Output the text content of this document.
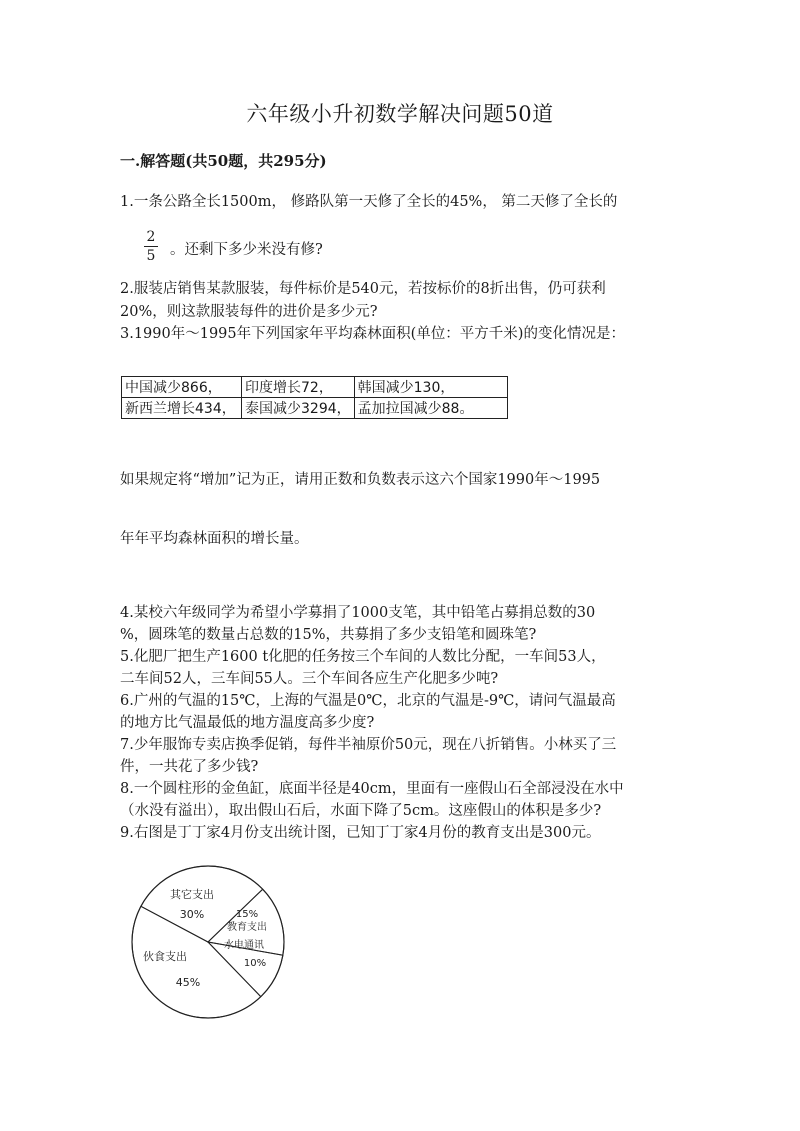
六年级小升初数学解决问题50道
一.解答题(共50题，共295分)
1.一条公路全长1500m， 修路队第一天修了全长的45%， 第二天修了全长的
2
5 。还剩下多少米没有修?
2.服装店销售某款服装，每件标价是540元，若按标价的8折出售，仍可获利
20%，则这款服装每件的进价是多少元?
3.1990年～1995年下列国家年平均森林面积(单位：平方千米)的变化情况是：
中国减少866，	印度增长72，	韩国减少130，
新西兰增长434，	泰国减少3294，	孟加拉国减少88。
如果规定将“增加”记为正，请用正数和负数表示这六个国家1990年～1995
年年平均森林面积的增长量。
4.某校六年级同学为希望小学募捐了1000支笔，其中铅笔占募捐总数的30
%，圆珠笔的数量占总数的15%，共募捐了多少支铅笔和圆珠笔?
5.化肥厂把生产1600 t化肥的任务按三个车间的人数比分配，一车间53人，
二车间52人，三车间55人。三个车间各应生产化肥多少吨?
6.广州的气温的15℃，上海的气温是0℃，北京的气温是-9℃，请问气温最高
的地方比气温最低的地方温度高多少度?
7.少年服饰专卖店换季促销，每件半袖原价50元，现在八折销售。小林买了三
件，一共花了多少钱?
8.一个圆柱形的金鱼缸，底面半径是40cm，里面有一座假山石全部浸没在水中
（水没有溢出），取出假山石后，水面下降了5cm。这座假山的体积是多少?
9.右图是丁丁家4月份支出统计图，已知丁丁家4月份的教育支出是300元。
其它支出
30%
教育支出
15%
水电通讯
10%
伙食支出
45%
